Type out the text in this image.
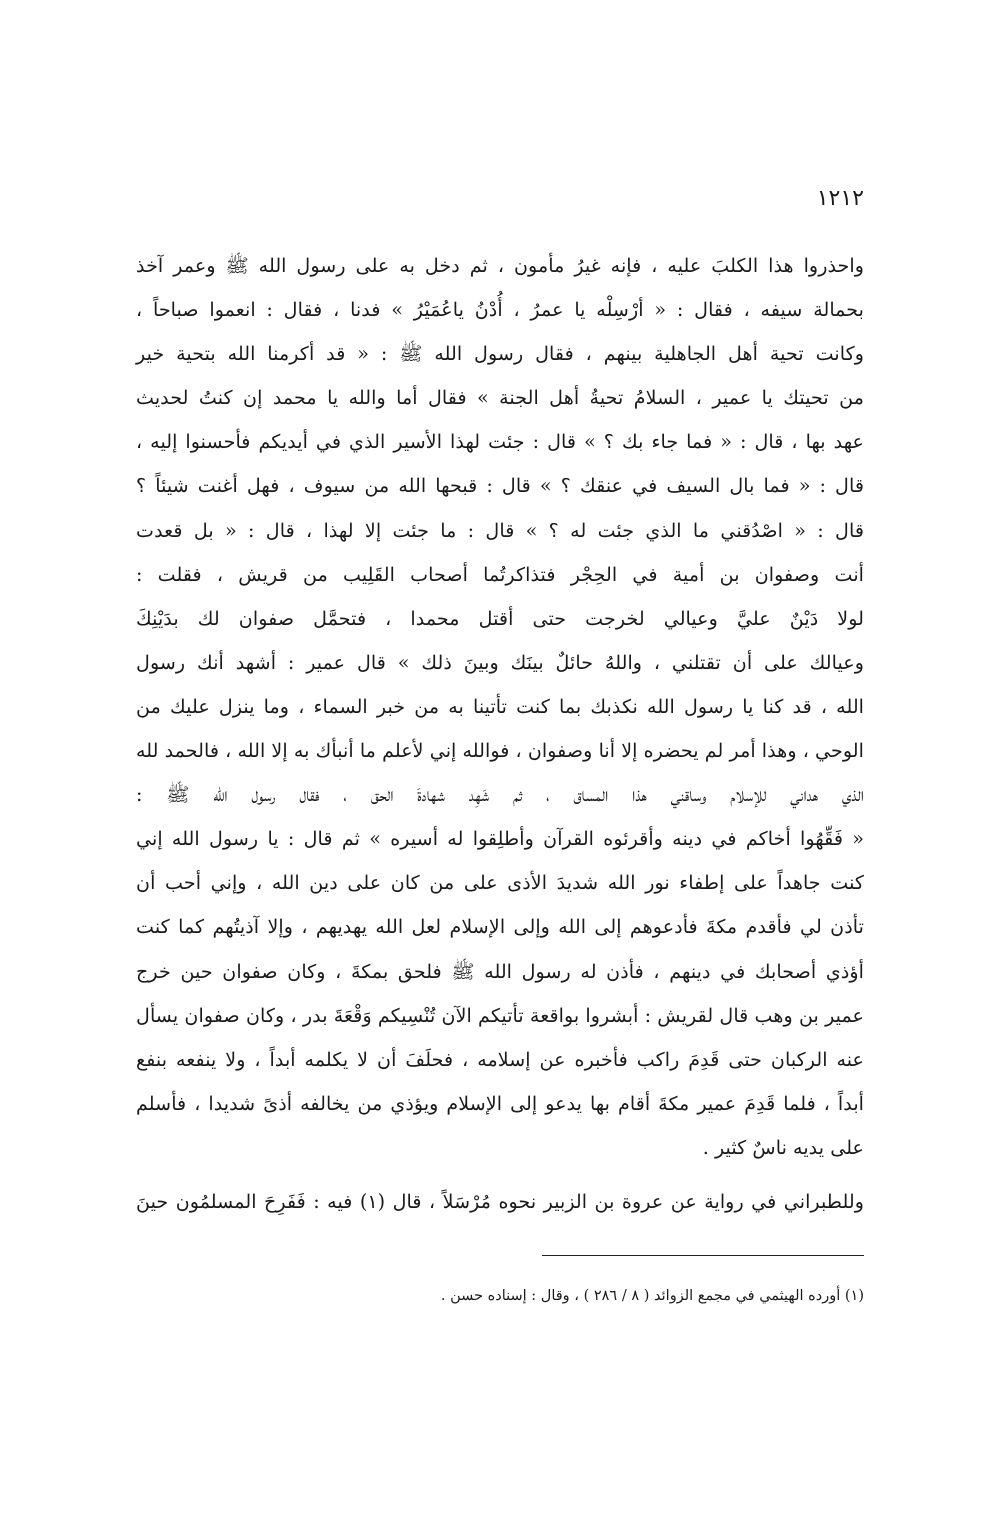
١٢١٢
واحذروا هذا الكلبَ عليه ، فإنه غيرُ مأمون ، ثم دخل به على رسول الله ﷺ وعمر آخذ
بحمالة سيفه ، فقال : « أرْسِلْه يا عمرُ ، أُدْنُ ياعُمَيْرُ » فدنا ، فقال : انعموا صباحاً ،
وكانت تحية أهل الجاهلية بينهم ، فقال رسول الله ﷺ : « قد أكرمنا الله بتحية خير
من تحيتك يا عمير ، السلامُ تحيةُ أهل الجنة » فقال أما والله يا محمد إن كنتُ لحديث
عهد بها ، قال : « فما جاء بك ؟ » قال : جئت لهذا الأسير الذي في أيديكم فأحسنوا إليه ،
قال : « فما بال السيف في عنقك ؟ » قال : قبحها الله من سيوف ، فهل أغنت شيئاً ؟
قال : « اصْدُقني ما الذي جئت له ؟ » قال : ما جئت إلا لهذا ، قال : « بل قعدت
أنت وصفوان بن أمية في الحِجْر فتذاكرتُما أصحاب القَلِيب من قريش ، فقلت :
لولا دَيْنٌ عليَّ وعيالي لخرجت حتى أقتل محمدا ، فتحمَّل صفوان لك بدَيْنِكَ
وعيالك على أن تقتلني ، واللهُ حائلٌ بينَك وبينَ ذلك » قال عمير : أشهد أنك رسول
الله ، قد كنا يا رسول الله نكذبك بما كنت تأتينا به من خبر السماء ، وما ينزل عليك من
الوحي ، وهذا أمر لم يحضره إلا أنا وصفوان ، فوالله إني لأعلم ما أنبأك به إلا الله ، فالحمد لله
الذي هداني للإسلام وساقني هذا المساق ، ثم شَهِد شهادةَ الحق ، فقال رسول الله ﷺ :
« فَقِّهُوا أخاكم في دينه وأقرئوه القرآن وأطلِقوا له أسيره » ثم قال : يا رسول الله إني
كنت جاهداً على إطفاء نور الله شديدَ الأذى على من كان على دين الله ، وإني أحب أن
تأذن لي فأقدم مكةَ فأدعوهم إلى الله وإلى الإسلام لعل الله يهديهم ، وإلا آذيتُهم كما كنت
أؤذي أصحابك في دينهم ، فأذن له رسول الله ﷺ فلحق بمكةَ ، وكان صفوان حين خرج
عمير بن وهب قال لقريش : أبشروا بواقعة تأتيكم الآن تُنْسِيكم وَقْعَةَ بدر ، وكان صفوان يسأل
عنه الركبان حتى قَدِمَ راكب فأخبره عن إسلامه ، فحلَفَ أن لا يكلمه أبداً ، ولا ينفعه بنفع
أبداً ، فلما قَدِمَ عمير مكةَ أقام بها يدعو إلى الإسلام ويؤذي من يخالفه أذىً شديدا ، فأسلم
على يديه ناسٌ كثير .
وللطبراني في رواية عن عروة بن الزبير نحوه مُرْسَلاً ، قال (١) فيه : فَفَرِحَ المسلمُون حينَ
(١) أورده الهيثمي في مجمع الزوائد ( ٨ / ٢٨٦ ) ، وقال : إسناده حسن .
